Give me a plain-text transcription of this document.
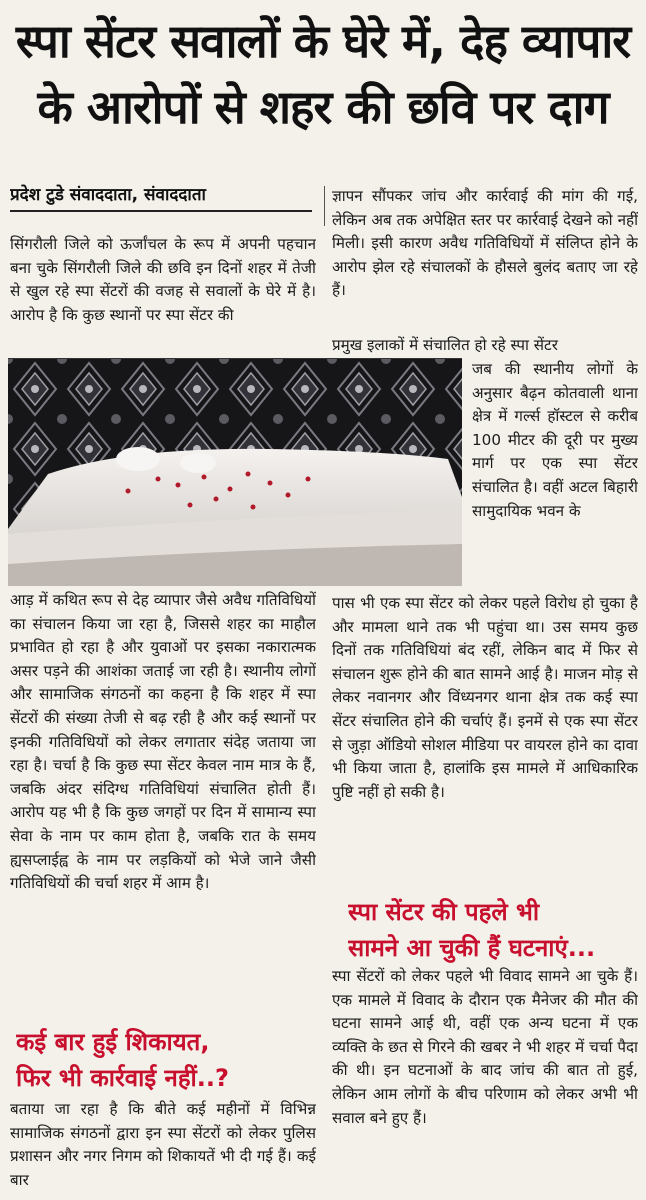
स्पा सेंटर सवालों के घेरे में, देह व्यापार
के आरोपों से शहर की छवि पर दाग
प्रदेश टुडे संवाददाता, संवाददाता
सिंगरौली जिले को ऊर्जांचल के रूप में अपनी पहचान बना चुके सिंगरौली जिले की छवि इन दिनों शहर में तेजी से खुल रहे स्पा सेंटरों की वजह से सवालों के घेरे में है। आरोप है कि कुछ स्थानों पर स्पा सेंटर की
आड़ में कथित रूप से देह व्यापार जैसे अवैध गतिविधियों का संचालन किया जा रहा है, जिससे शहर का माहौल प्रभावित हो रहा है और युवाओं पर इसका नकारात्मक असर पड़ने की आशंका जताई जा रही है। स्थानीय लोगों और सामाजिक संगठनों का कहना है कि शहर में स्पा सेंटरों की संख्या तेजी से बढ़ रही है और कई स्थानों पर इनकी गतिविधियों को लेकर लगातार संदेह जताया जा रहा है। चर्चा है कि कुछ स्पा सेंटर केवल नाम मात्र के हैं, जबकि अंदर संदिग्ध गतिविधियां संचालित होती हैं। आरोप यह भी है कि कुछ जगहों पर दिन में सामान्य स्पा सेवा के नाम पर काम होता है, जबकि रात के समय ह्यसप्लाईह्व के नाम पर लड़कियों को भेजे जाने जैसी गतिविधियों की चर्चा शहर में आम है।
कई बार हुई शिकायत,
फिर भी कार्रवाई नहीं..?
बताया जा रहा है कि बीते कई महीनों में विभिन्न सामाजिक संगठनों द्वारा इन स्पा सेंटरों को लेकर पुलिस प्रशासन और नगर निगम को शिकायतें भी दी गई हैं। कई बार
ज्ञापन सौंपकर जांच और कार्रवाई की मांग की गई, लेकिन अब तक अपेक्षित स्तर पर कार्रवाई देखने को नहीं मिली। इसी कारण अवैध गतिविधियों में संलिप्त होने के आरोप झेल रहे संचालकों के हौसले बुलंद बताए जा रहे हैं।
प्रमुख इलाकों में संचालित हो रहे स्पा सेंटर
जब की स्थानीय लोगों के अनुसार बैढ़न कोतवाली थाना क्षेत्र में गर्ल्स हॉस्टल से करीब 100 मीटर की दूरी पर मुख्य मार्ग पर एक स्पा सेंटर संचालित है। वहीं अटल बिहारी सामुदायिक भवन के
पास भी एक स्पा सेंटर को लेकर पहले विरोध हो चुका है और मामला थाने तक भी पहुंचा था। उस समय कुछ दिनों तक गतिविधियां बंद रहीं, लेकिन बाद में फिर से संचालन शुरू होने की बात सामने आई है। माजन मोड़ से लेकर नवानगर और विंध्यनगर थाना क्षेत्र तक कई स्पा सेंटर संचालित होने की चर्चाएं हैं। इनमें से एक स्पा सेंटर से जुड़ा ऑडियो सोशल मीडिया पर वायरल होने का दावा भी किया जाता है, हालांकि इस मामले में आधिकारिक पुष्टि नहीं हो सकी है।
स्पा सेंटर की पहले भी
सामने आ चुकी हैं घटनाएं...
स्पा सेंटरों को लेकर पहले भी विवाद सामने आ चुके हैं। एक मामले में विवाद के दौरान एक मैनेजर की मौत की घटना सामने आई थी, वहीं एक अन्य घटना में एक व्यक्ति के छत से गिरने की खबर ने भी शहर में चर्चा पैदा की थी। इन घटनाओं के बाद जांच की बात तो हुई, लेकिन आम लोगों के बीच परिणाम को लेकर अभी भी सवाल बने हुए हैं।
